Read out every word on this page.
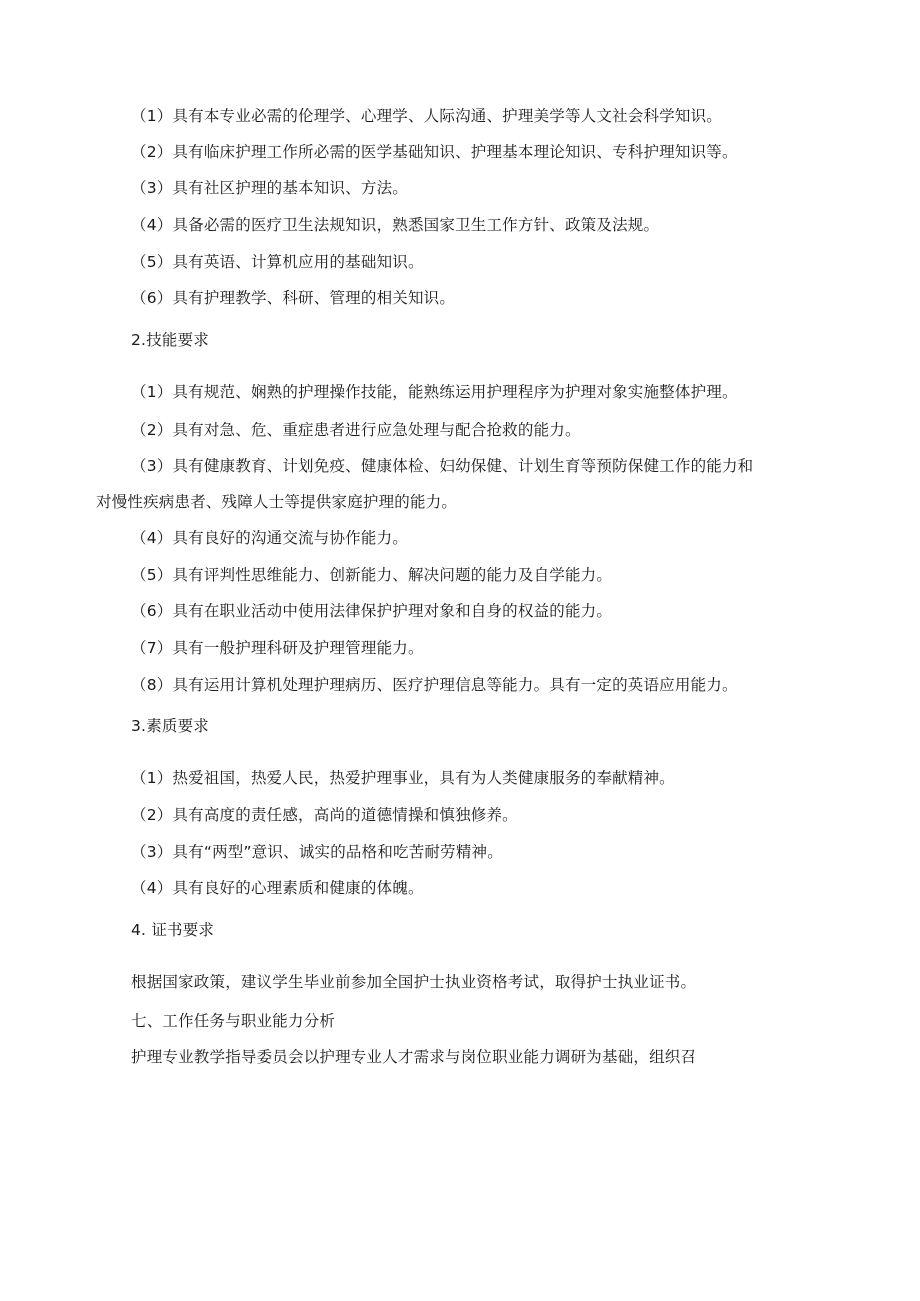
（1）具有本专业必需的伦理学、心理学、人际沟通、护理美学等人文社会科学知识。
（2）具有临床护理工作所必需的医学基础知识、护理基本理论知识、专科护理知识等。
（3）具有社区护理的基本知识、方法。
（4）具备必需的医疗卫生法规知识，熟悉国家卫生工作方针、政策及法规。
（5）具有英语、计算机应用的基础知识。
（6）具有护理教学、科研、管理的相关知识。
2.技能要求
（1）具有规范、娴熟的护理操作技能，能熟练运用护理程序为护理对象实施整体护理。
（2）具有对急、危、重症患者进行应急处理与配合抢救的能力。
（3）具有健康教育、计划免疫、健康体检、妇幼保健、计划生育等预防保健工作的能力和
对慢性疾病患者、残障人士等提供家庭护理的能力。
（4）具有良好的沟通交流与协作能力。
（5）具有评判性思维能力、创新能力、解决问题的能力及自学能力。
（6）具有在职业活动中使用法律保护护理对象和自身的权益的能力。
（7）具有一般护理科研及护理管理能力。
（8）具有运用计算机处理护理病历、医疗护理信息等能力。具有一定的英语应用能力。
3.素质要求
（1）热爱祖国，热爱人民，热爱护理事业，具有为人类健康服务的奉献精神。
（2）具有高度的责任感，高尚的道德情操和慎独修养。
（3）具有“两型”意识、诚实的品格和吃苦耐劳精神。
（4）具有良好的心理素质和健康的体魄。
4. 证书要求
根据国家政策，建议学生毕业前参加全国护士执业资格考试，取得护士执业证书。
七、工作任务与职业能力分析
护理专业教学指导委员会以护理专业人才需求与岗位职业能力调研为基础，组织召
